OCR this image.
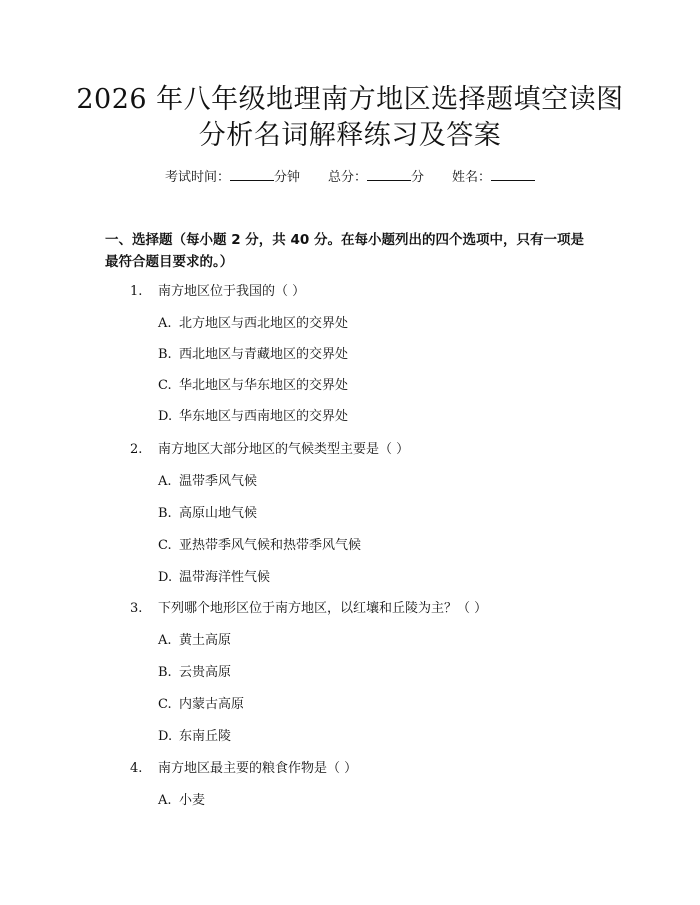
2026 年八年级地理南方地区选择题填空读图
分析名词解释练习及答案
考试时间：	分钟 总分：	分 姓名：
一、选择题（每小题 2 分，共 40 分。在每小题列出的四个选项中，只有一项是最符合题目要求的。）
1. 南方地区位于我国的（ ）
A. 北方地区与西北地区的交界处
B. 西北地区与青藏地区的交界处
C. 华北地区与华东地区的交界处
D. 华东地区与西南地区的交界处
2. 南方地区大部分地区的气候类型主要是（ ）
A. 温带季风气候
B. 高原山地气候
C. 亚热带季风气候和热带季风气候
D. 温带海洋性气候
3. 下列哪个地形区位于南方地区，以红壤和丘陵为主？（ ）
A. 黄土高原
B. 云贵高原
C. 内蒙古高原
D. 东南丘陵
4. 南方地区最主要的粮食作物是（ ）
A. 小麦
